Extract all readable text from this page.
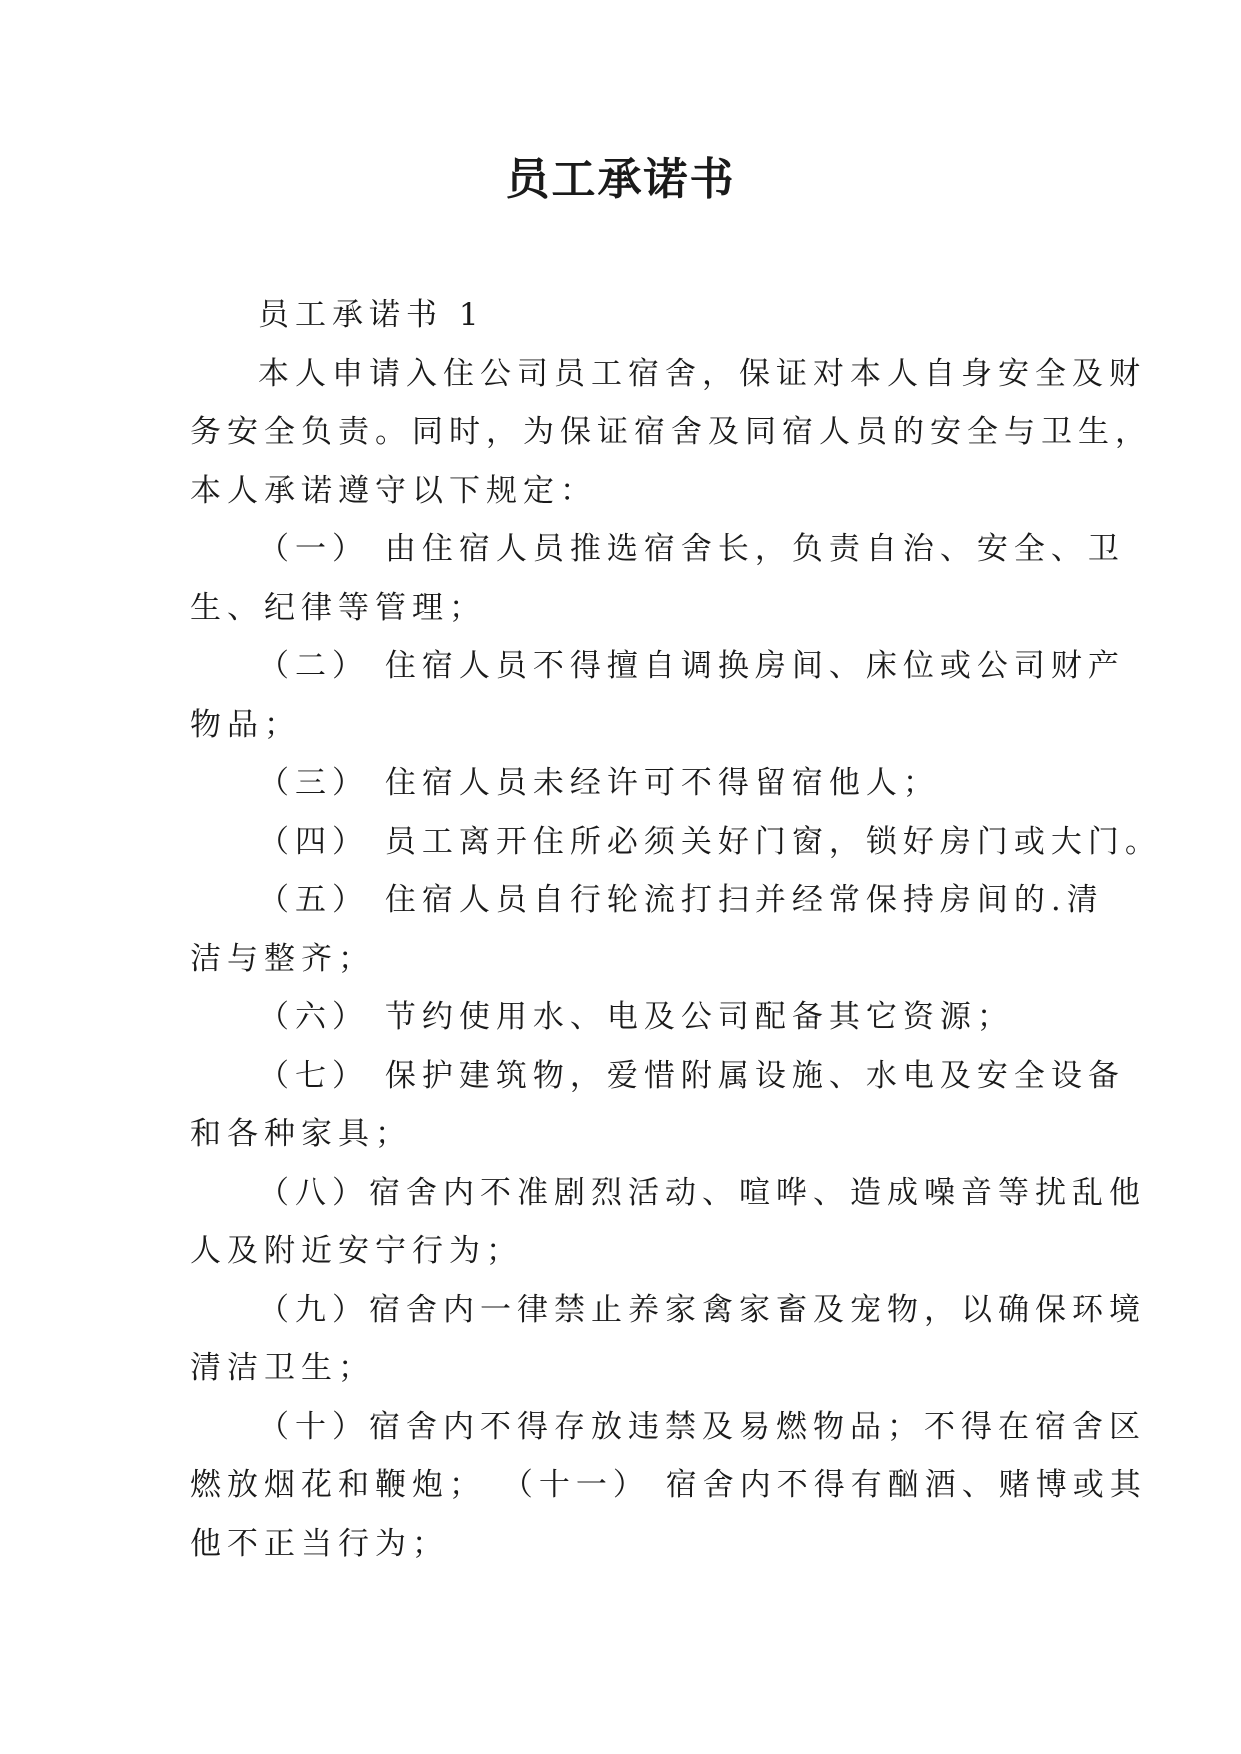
员工承诺书
员工承诺书 1
本人申请入住公司员工宿舍，保证对本人自身安全及财
务安全负责。同时，为保证宿舍及同宿人员的安全与卫生，
本人承诺遵守以下规定：
（一） 由住宿人员推选宿舍长，负责自治、安全、卫
生、纪律等管理；
（二） 住宿人员不得擅自调换房间、床位或公司财产
物品；
（三） 住宿人员未经许可不得留宿他人；
（四） 员工离开住所必须关好门窗，锁好房门或大门。
（五） 住宿人员自行轮流打扫并经常保持房间的.清
洁与整齐；
（六） 节约使用水、电及公司配备其它资源；
（七） 保护建筑物，爱惜附属设施、水电及安全设备
和各种家具；
（八）宿舍内不准剧烈活动、喧哗、造成噪音等扰乱他
人及附近安宁行为；
（九）宿舍内一律禁止养家禽家畜及宠物，以确保环境
清洁卫生；
（十）宿舍内不得存放违禁及易燃物品；不得在宿舍区
燃放烟花和鞭炮； （十一） 宿舍内不得有酗酒、赌博或其
他不正当行为；
